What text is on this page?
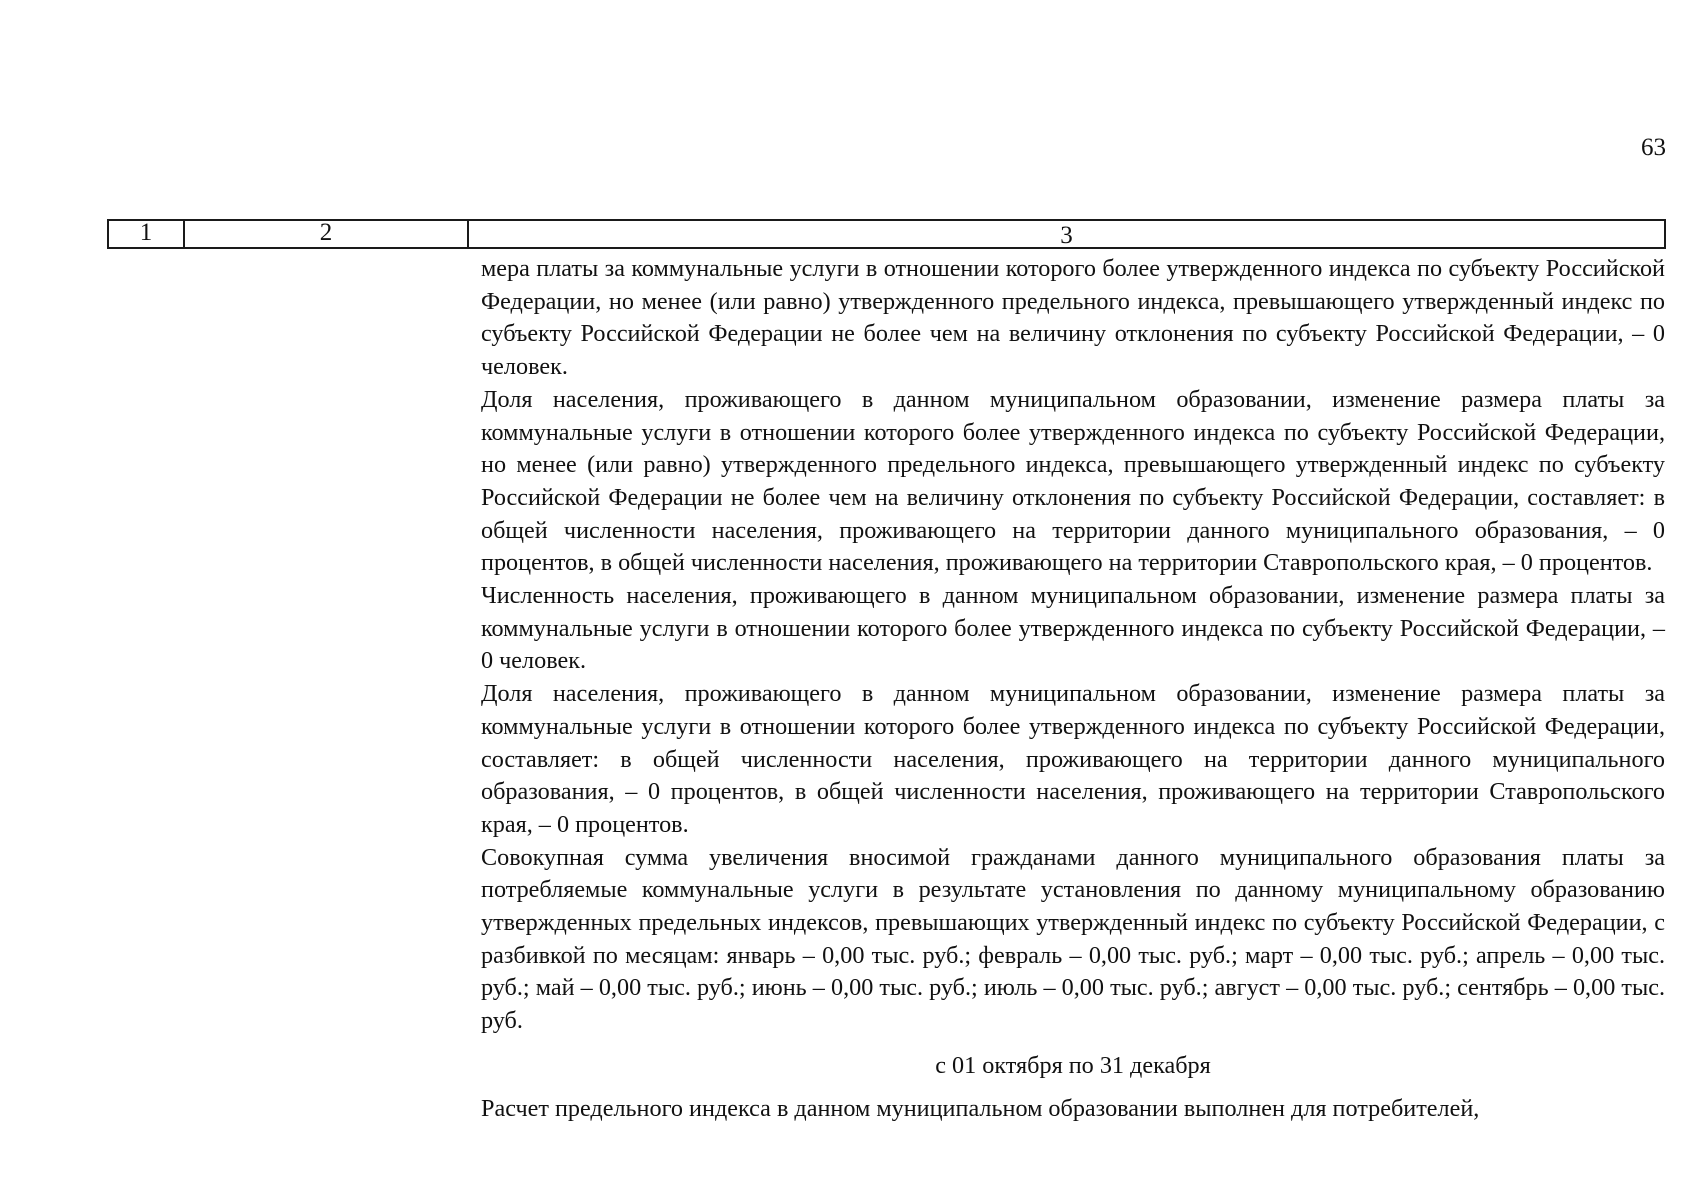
63
1	2	3

мера платы за коммунальные услуги в отношении которого более утвержденного индекса по субъекту Российской Федерации, но менее (или равно) утвержденного предельного индекса, превышающего утвержденный индекс по субъекту Российской Федерации не более чем на величину отклонения по субъекту Российской Федерации, – 0 человек.

Доля населения, проживающего в данном муниципальном образовании, изменение размера платы за коммунальные услуги в отношении которого более утвержденного индекса по субъекту Российской Федерации, но менее (или равно) утвержденного предельного индекса, превышающего утвержденный индекс по субъекту Российской Федерации не более чем на величину отклонения по субъекту Российской Федерации, составляет: в общей численности населения, проживающего на территории данного муниципального образования, – 0 процентов, в общей численности населения, проживающего на территории Ставропольского края, – 0 процентов.

Численность населения, проживающего в данном муниципальном образовании, изменение размера платы за коммунальные услуги в отношении которого более утвержденного индекса по субъекту Российской Федерации, – 0 человек.

Доля населения, проживающего в данном муниципальном образовании, изменение размера платы за коммунальные услуги в отношении которого более утвержденного индекса по субъекту Российской Федерации, составляет: в общей численности населения, проживающего на территории данного муниципального образования, – 0 процентов, в общей численности населения, проживающего на территории Ставропольского края, – 0 процентов.

Совокупная сумма увеличения вносимой гражданами данного муниципального образования платы за потребляемые коммунальные услуги в результате установления по данному муниципальному образованию утвержденных предельных индексов, превышающих утвержденный индекс по субъекту Российской Федерации, с разбивкой по месяцам: январь – 0,00 тыс. руб.; февраль – 0,00 тыс. руб.; март – 0,00 тыс. руб.; апрель – 0,00 тыс. руб.; май – 0,00 тыс. руб.; июнь – 0,00 тыс. руб.; июль – 0,00 тыс. руб.; август – 0,00 тыс. руб.; сентябрь – 0,00 тыс. руб.

с 01 октября по 31 декабря

Расчет предельного индекса в данном муниципальном образовании выполнен для потребителей,
